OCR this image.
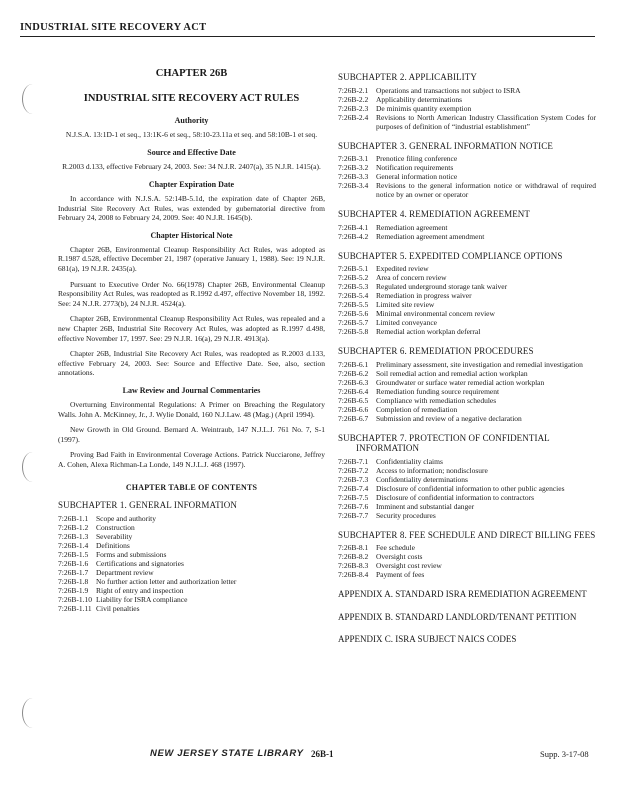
INDUSTRIAL SITE RECOVERY ACT
CHAPTER 26B
INDUSTRIAL SITE RECOVERY ACT RULES
Authority
N.J.S.A. 13:1D-1 et seq., 13:1K-6 et seq., 58:10-23.11a et seq. and 58:10B-1 et seq.
Source and Effective Date
R.2003 d.133, effective February 24, 2003. See: 34 N.J.R. 2407(a), 35 N.J.R. 1415(a).
Chapter Expiration Date
In accordance with N.J.S.A. 52:14B-5.1d, the expiration date of Chapter 26B, Industrial Site Recovery Act Rules, was extended by gubernatorial directive from February 24, 2008 to February 24, 2009. See: 40 N.J.R. 1645(b).
Chapter Historical Note
Chapter 26B, Environmental Cleanup Responsibility Act Rules, was adopted as R.1987 d.528, effective December 21, 1987 (operative January 1, 1988). See: 19 N.J.R. 681(a), 19 N.J.R. 2435(a).
Pursuant to Executive Order No. 66(1978) Chapter 26B, Environmental Cleanup Responsibility Act Rules, was readopted as R.1992 d.497, effective November 18, 1992. See: 24 N.J.R. 2773(b), 24 N.J.R. 4524(a).
Chapter 26B, Environmental Cleanup Responsibility Act Rules, was repealed and a new Chapter 26B, Industrial Site Recovery Act Rules, was adopted as R.1997 d.498, effective November 17, 1997. See: 29 N.J.R. 16(a), 29 N.J.R. 4913(a).
Chapter 26B, Industrial Site Recovery Act Rules, was readopted as R.2003 d.133, effective February 24, 2003. See: Source and Effective Date. See, also, section annotations.
Law Review and Journal Commentaries
Overturning Environmental Regulations: A Primer on Breaching the Regulatory Walls. John A. McKinney, Jr., J. Wylie Donald, 160 N.J.Law. 48 (Mag.) (April 1994).
New Growth in Old Ground. Bernard A. Weintraub, 147 N.J.L.J. 761 No. 7, S-1 (1997).
Proving Bad Faith in Environmental Coverage Actions. Patrick Nucciarone, Jeffrey A. Cohen, Alexa Richman-La Londe, 149 N.J.L.J. 468 (1997).
CHAPTER TABLE OF CONTENTS
SUBCHAPTER 1. GENERAL INFORMATION
7:26B-1.1	Scope and authority
7:26B-1.2	Construction
7:26B-1.3	Severability
7:26B-1.4	Definitions
7:26B-1.5	Forms and submissions
7:26B-1.6	Certifications and signatories
7:26B-1.7	Department review
7:26B-1.8	No further action letter and authorization letter
7:26B-1.9	Right of entry and inspection
7:26B-1.10 Liability for ISRA compliance
7:26B-1.11 Civil penalties
SUBCHAPTER 2. APPLICABILITY
7:26B-2.1	Operations and transactions not subject to ISRA
7:26B-2.2	Applicability determinations
7:26B-2.3	De minimis quantity exemption
7:26B-2.4	Revisions to North American Industry Classification System Codes for purposes of definition of “industrial establishment”
SUBCHAPTER 3. GENERAL INFORMATION NOTICE
7:26B-3.1	Prenotice filing conference
7:26B-3.2	Notification requirements
7:26B-3.3	General information notice
7:26B-3.4	Revisions to the general information notice or withdrawal of required notice by an owner or operator
SUBCHAPTER 4. REMEDIATION AGREEMENT
7:26B-4.1	Remediation agreement
7:26B-4.2	Remediation agreement amendment
SUBCHAPTER 5. EXPEDITED COMPLIANCE OPTIONS
7:26B-5.1	Expedited review
7:26B-5.2	Area of concern review
7:26B-5.3	Regulated underground storage tank waiver
7:26B-5.4	Remediation in progress waiver
7:26B-5.5	Limited site review
7:26B-5.6	Minimal environmental concern review
7:26B-5.7	Limited conveyance
7:26B-5.8	Remedial action workplan deferral
SUBCHAPTER 6. REMEDIATION PROCEDURES
7:26B-6.1	Preliminary assessment, site investigation and remedial investigation
7:26B-6.2	Soil remedial action and remedial action workplan
7:26B-6.3	Groundwater or surface water remedial action workplan
7:26B-6.4	Remediation funding source requirement
7:26B-6.5	Compliance with remediation schedules
7:26B-6.6	Completion of remediation
7:26B-6.7	Submission and review of a negative declaration
SUBCHAPTER 7. PROTECTION OF CONFIDENTIAL INFORMATION
7:26B-7.1	Confidentiality claims
7:26B-7.2	Access to information; nondisclosure
7:26B-7.3	Confidentiality determinations
7:26B-7.4	Disclosure of confidential information to other public agencies
7:26B-7.5	Disclosure of confidential information to contractors
7:26B-7.6	Imminent and substantial danger
7:26B-7.7	Security procedures
SUBCHAPTER 8. FEE SCHEDULE AND DIRECT BILLING FEES
7:26B-8.1	Fee schedule
7:26B-8.2	Oversight costs
7:26B-8.3	Oversight cost review
7:26B-8.4	Payment of fees
APPENDIX A. STANDARD ISRA REMEDIATION AGREEMENT
APPENDIX B. STANDARD LANDLORD/TENANT PETITION
APPENDIX C. ISRA SUBJECT NAICS CODES
NEW JERSEY STATE LIBRARY 26B-1	Supp. 3-17-08
